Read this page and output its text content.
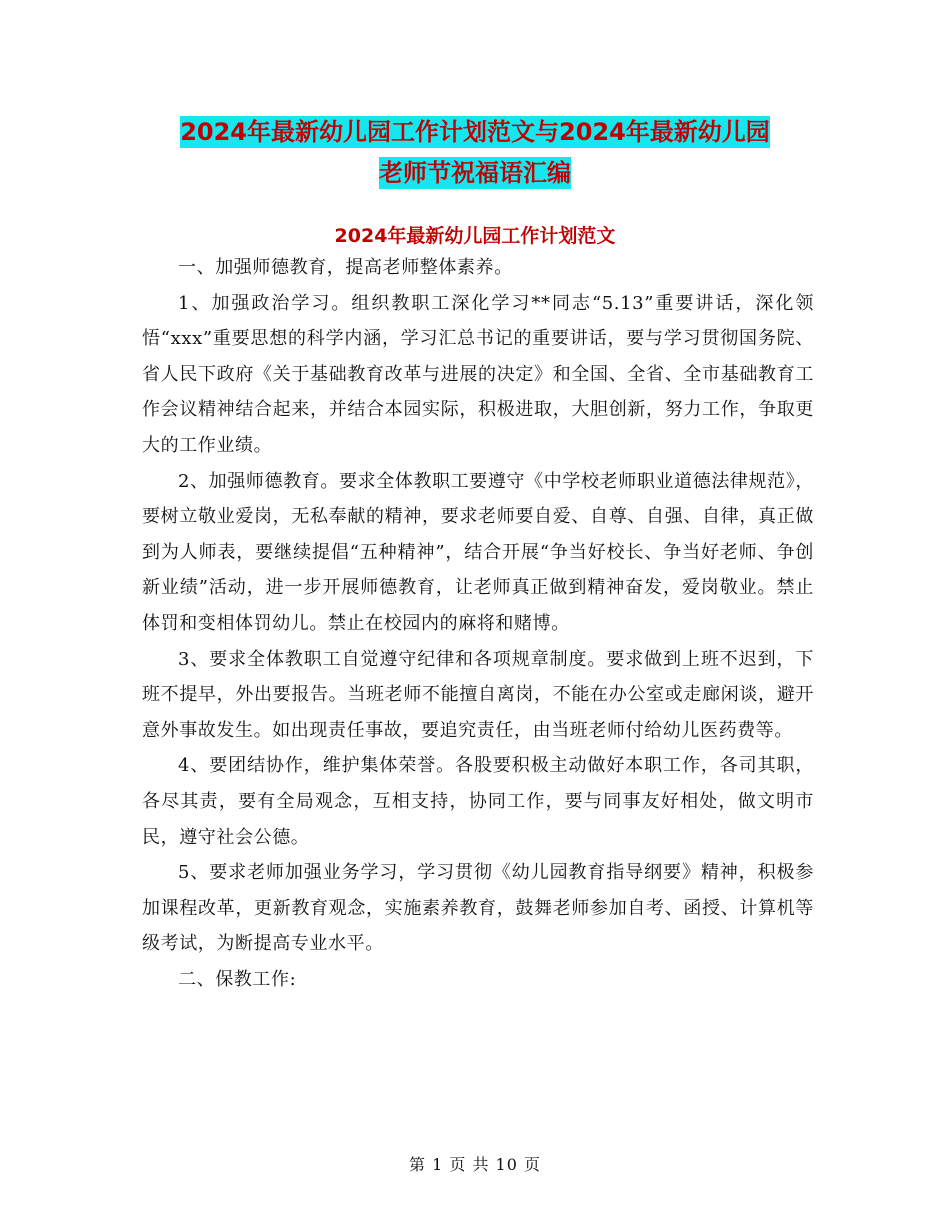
2024年最新幼儿园工作计划范文与2024年最新幼儿园
老师节祝福语汇编
2024年最新幼儿园工作计划范文

一、加强师德教育，提高老师整体素养。

1、加强政治学习。组织教职工深化学习**同志“5.13”重要讲话，深化领悟“xxx”重要思想的科学内涵，学习汇总书记的重要讲话，要与学习贯彻国务院、省人民下政府《关于基础教育改革与进展的决定》和全国、全省、全市基础教育工作会议精神结合起来，并结合本园实际，积极进取，大胆创新，努力工作，争取更大的工作业绩。

2、加强师德教育。要求全体教职工要遵守《中学校老师职业道德法律规范》，要树立敬业爱岗，无私奉献的精神，要求老师要自爱、自尊、自强、自律，真正做到为人师表，要继续提倡“五种精神”，结合开展“争当好校长、争当好老师、争创新业绩”活动，进一步开展师德教育，让老师真正做到精神奋发，爱岗敬业。禁止体罚和变相体罚幼儿。禁止在校园内的麻将和赌博。

3、要求全体教职工自觉遵守纪律和各项规章制度。要求做到上班不迟到，下班不提早，外出要报告。当班老师不能擅自离岗，不能在办公室或走廊闲谈，避开意外事故发生。如出现责任事故，要追究责任，由当班老师付给幼儿医药费等。

4、要团结协作，维护集体荣誉。各股要积极主动做好本职工作，各司其职，各尽其责，要有全局观念，互相支持，协同工作，要与同事友好相处，做文明市民，遵守社会公德。

5、要求老师加强业务学习，学习贯彻《幼儿园教育指导纲要》精神，积极参加课程改革，更新教育观念，实施素养教育，鼓舞老师参加自考、函授、计算机等级考试，为断提高专业水平。

二、保教工作:

第 1 页 共 10 页
